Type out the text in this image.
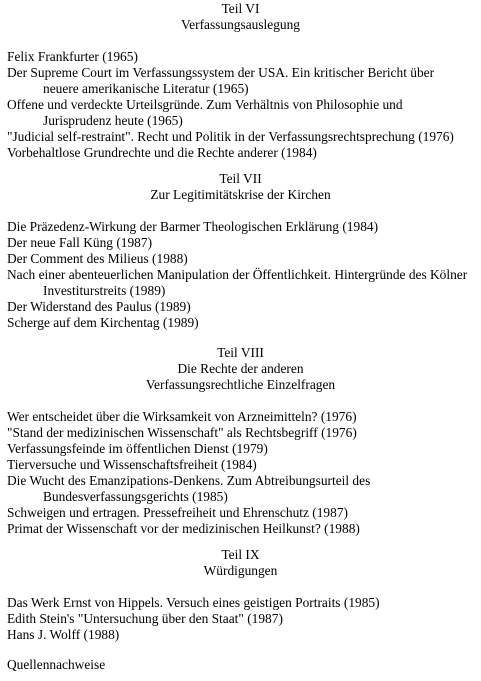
Teil VI
Verfassungsauslegung
Felix Frankfurter (1965)
Der Supreme Court im Verfassungssystem der USA. Ein kritischer Bericht über
neuere amerikanische Literatur (1965)
Offene und verdeckte Urteilsgründe. Zum Verhältnis von Philosophie und
Jurisprudenz heute (1965)
"Judicial self-restraint". Recht und Politik in der Verfassungsrechtsprechung (1976)
Vorbehaltlose Grundrechte und die Rechte anderer (1984)
Teil VII
Zur Legitimitätskrise der Kirchen
Die Präzedenz-Wirkung der Barmer Theologischen Erklärung (1984)
Der neue Fall Küng (1987)
Der Comment des Milieus (1988)
Nach einer abenteuerlichen Manipulation der Öffentlichkeit. Hintergründe des Kölner
Investiturstreits (1989)
Der Widerstand des Paulus (1989)
Scherge auf dem Kirchentag (1989)
Teil VIII
Die Rechte der anderen
Verfassungsrechtliche Einzelfragen
Wer entscheidet über die Wirksamkeit von Arzneimitteln? (1976)
"Stand der medizinischen Wissenschaft" als Rechtsbegriff (1976)
Verfassungsfeinde im öffentlichen Dienst (1979)
Tierversuche und Wissenschaftsfreiheit (1984)
Die Wucht des Emanzipations-Denkens. Zum Abtreibungsurteil des
Bundesverfassungsgerichts (1985)
Schweigen und ertragen. Pressefreiheit und Ehrenschutz (1987)
Primat der Wissenschaft vor der medizinischen Heilkunst? (1988)
Teil IX
Würdigungen
Das Werk Ernst von Hippels. Versuch eines geistigen Portraits (1985)
Edith Stein's "Untersuchung über den Staat" (1987)
Hans J. Wolff (1988)
Quellennachweise
